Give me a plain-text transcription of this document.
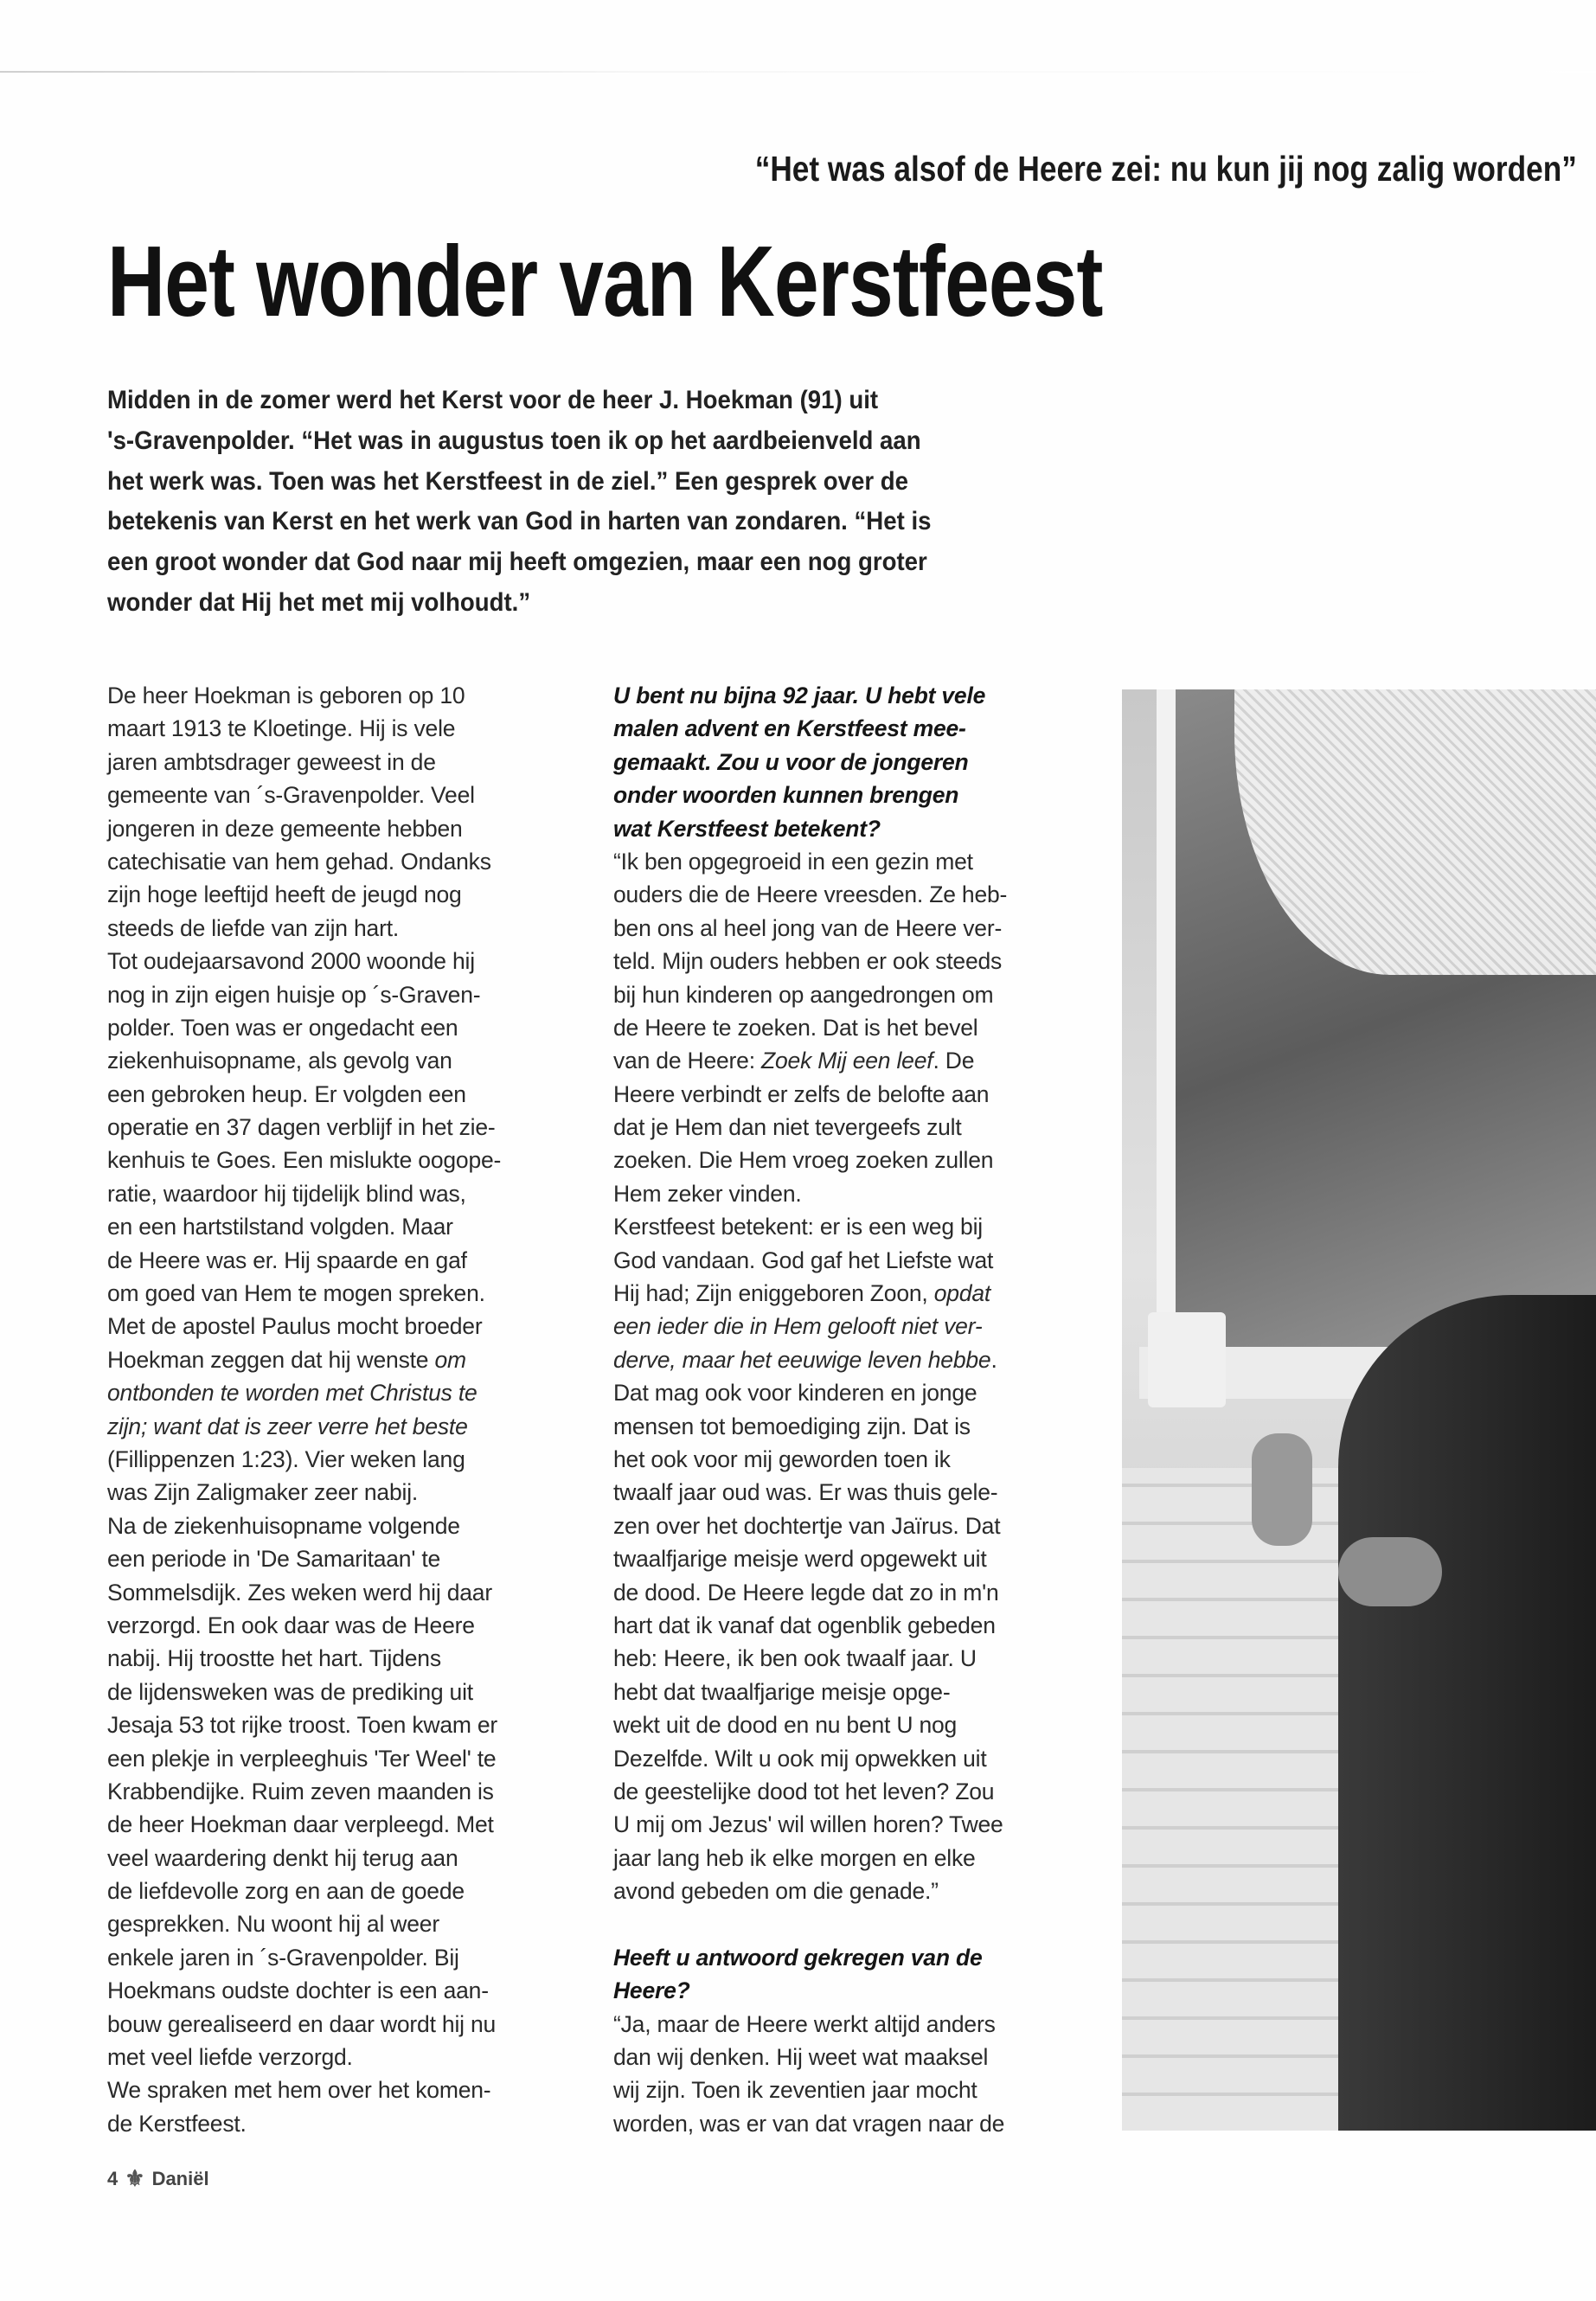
“Het was alsof de Heere zei: nu kun jij nog zalig worden”
Het wonder van Kerstfeest
Midden in de zomer werd het Kerst voor de heer J. Hoekman (91) uit
's-Gravenpolder. “Het was in augustus toen ik op het aardbeienveld aan
het werk was. Toen was het Kerstfeest in de ziel.” Een gesprek over de
betekenis van Kerst en het werk van God in harten van zondaren. “Het is
een groot wonder dat God naar mij heeft omgezien, maar een nog groter
wonder dat Hij het met mij volhoudt.”
De heer Hoekman is geboren op 10
maart 1913 te Kloetinge. Hij is vele
jaren ambtsdrager geweest in de
gemeente van ´s-Gravenpolder. Veel
jongeren in deze gemeente hebben
catechisatie van hem gehad. Ondanks
zijn hoge leeftijd heeft de jeugd nog
steeds de liefde van zijn hart.
Tot oudejaarsavond 2000 woonde hij
nog in zijn eigen huisje op ´s-Graven-
polder. Toen was er ongedacht een
ziekenhuisopname, als gevolg van
een gebroken heup. Er volgden een
operatie en 37 dagen verblijf in het zie-
kenhuis te Goes. Een mislukte oogope-
ratie, waardoor hij tijdelijk blind was,
en een hartstilstand volgden. Maar
de Heere was er. Hij spaarde en gaf
om goed van Hem te mogen spreken.
Met de apostel Paulus mocht broeder
Hoekman zeggen dat hij wenste om
ontbonden te worden met Christus te
zijn; want dat is zeer verre het beste
(Fillippenzen 1:23). Vier weken lang
was Zijn Zaligmaker zeer nabij.
Na de ziekenhuisopname volgende
een periode in 'De Samaritaan' te
Sommelsdijk. Zes weken werd hij daar
verzorgd. En ook daar was de Heere
nabij. Hij troostte het hart. Tijdens
de lijdensweken was de prediking uit
Jesaja 53 tot rijke troost. Toen kwam er
een plekje in verpleeghuis 'Ter Weel' te
Krabbendijke. Ruim zeven maanden is
de heer Hoekman daar verpleegd. Met
veel waardering denkt hij terug aan
de liefdevolle zorg en aan de goede
gesprekken. Nu woont hij al weer
enkele jaren in ´s-Gravenpolder. Bij
Hoekmans oudste dochter is een aan-
bouw gerealiseerd en daar wordt hij nu
met veel liefde verzorgd.
We spraken met hem over het komen-
de Kerstfeest.
U bent nu bijna 92 jaar. U hebt vele
malen advent en Kerstfeest mee-
gemaakt. Zou u voor de jongeren
onder woorden kunnen brengen
wat Kerstfeest betekent?
“Ik ben opgegroeid in een gezin met
ouders die de Heere vreesden. Ze heb-
ben ons al heel jong van de Heere ver-
teld. Mijn ouders hebben er ook steeds
bij hun kinderen op aangedrongen om
de Heere te zoeken. Dat is het bevel
van de Heere: Zoek Mij een leef. De
Heere verbindt er zelfs de belofte aan
dat je Hem dan niet tevergeefs zult
zoeken. Die Hem vroeg zoeken zullen
Hem zeker vinden.
Kerstfeest betekent: er is een weg bij
God vandaan. God gaf het Liefste wat
Hij had; Zijn eniggeboren Zoon, opdat
een ieder die in Hem gelooft niet ver-
derve, maar het eeuwige leven hebbe.
Dat mag ook voor kinderen en jonge
mensen tot bemoediging zijn. Dat is
het ook voor mij geworden toen ik
twaalf jaar oud was. Er was thuis gele-
zen over het dochtertje van Jaïrus. Dat
twaalfjarige meisje werd opgewekt uit
de dood. De Heere legde dat zo in m'n
hart dat ik vanaf dat ogenblik gebeden
heb: Heere, ik ben ook twaalf jaar. U
hebt dat twaalfjarige meisje opge-
wekt uit de dood en nu bent U nog
Dezelfde. Wilt u ook mij opwekken uit
de geestelijke dood tot het leven? Zou
U mij om Jezus' wil willen horen? Twee
jaar lang heb ik elke morgen en elke
avond gebeden om die genade.”
Heeft u antwoord gekregen van de
Heere?
“Ja, maar de Heere werkt altijd anders
dan wij denken. Hij weet wat maaksel
wij zijn. Toen ik zeventien jaar mocht
worden, was er van dat vragen naar de
4 ⚜ Daniël
